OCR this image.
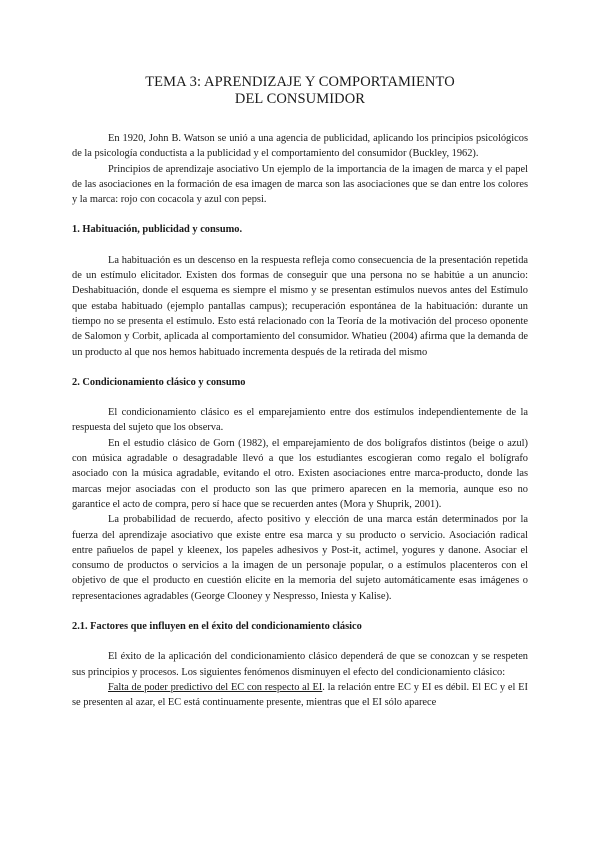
TEMA 3: APRENDIZAJE Y COMPORTAMIENTO
DEL CONSUMIDOR

En 1920, John B. Watson se unió a una agencia de publicidad, aplicando los principios psicológicos de la psicología conductista a la publicidad y el comportamiento del consumidor (Buckley, 1962).

Principios de aprendizaje asociativo Un ejemplo de la importancia de la imagen de marca y el papel de las asociaciones en la formación de esa imagen de marca son las asociaciones que se dan entre los colores y la marca: rojo con cocacola y azul con pepsi.

1. Habituación, publicidad y consumo.

La habituación es un descenso en la respuesta refleja como consecuencia de la presentación repetida de un estímulo elicitador. Existen dos formas de conseguir que una persona no se habitúe a un anuncio: Deshabituación, donde el esquema es siempre el mismo y se presentan estímulos nuevos antes del Estímulo que estaba habituado (ejemplo pantallas campus); recuperación espontánea de la habituación: durante un tiempo no se presenta el estímulo. Esto está relacionado con la Teoría de la motivación del proceso oponente de Salomon y Corbit, aplicada al comportamiento del consumidor. Whatieu (2004) afirma que la demanda de un producto al que nos hemos habituado incrementa después de la retirada del mismo

2. Condicionamiento clásico y consumo

El condicionamiento clásico es el emparejamiento entre dos estímulos independientemente de la respuesta del sujeto que los observa.

En el estudio clásico de Gorn (1982), el emparejamiento de dos bolígrafos distintos (beige o azul) con música agradable o desagradable llevó a que los estudiantes escogieran como regalo el bolígrafo asociado con la música agradable, evitando el otro. Existen asociaciones entre marca-producto, donde las marcas mejor asociadas con el producto son las que primero aparecen en la memoria, aunque eso no garantice el acto de compra, pero sí hace que se recuerden antes (Mora y Shuprik, 2001).

La probabilidad de recuerdo, afecto positivo y elección de una marca están determinados por la fuerza del aprendizaje asociativo que existe entre esa marca y su producto o servicio. Asociación radical entre pañuelos de papel y kleenex, los papeles adhesivos y Post-it, actimel, yogures y danone. Asociar el consumo de productos o servicios a la imagen de un personaje popular, o a estímulos placenteros con el objetivo de que el producto en cuestión elicite en la memoria del sujeto automáticamente esas imágenes o representaciones agradables (George Clooney y Nespresso, Iniesta y Kalise).

2.1. Factores que influyen en el éxito del condicionamiento clásico

El éxito de la aplicación del condicionamiento clásico dependerá de que se conozcan y se respeten sus principios y procesos. Los siguientes fenómenos disminuyen el efecto del condicionamiento clásico:

Falta de poder predictivo del EC con respecto al EI. la relación entre EC y EI es débil. El EC y el EI se presenten al azar, el EC está continuamente presente, mientras que el EI sólo aparece
